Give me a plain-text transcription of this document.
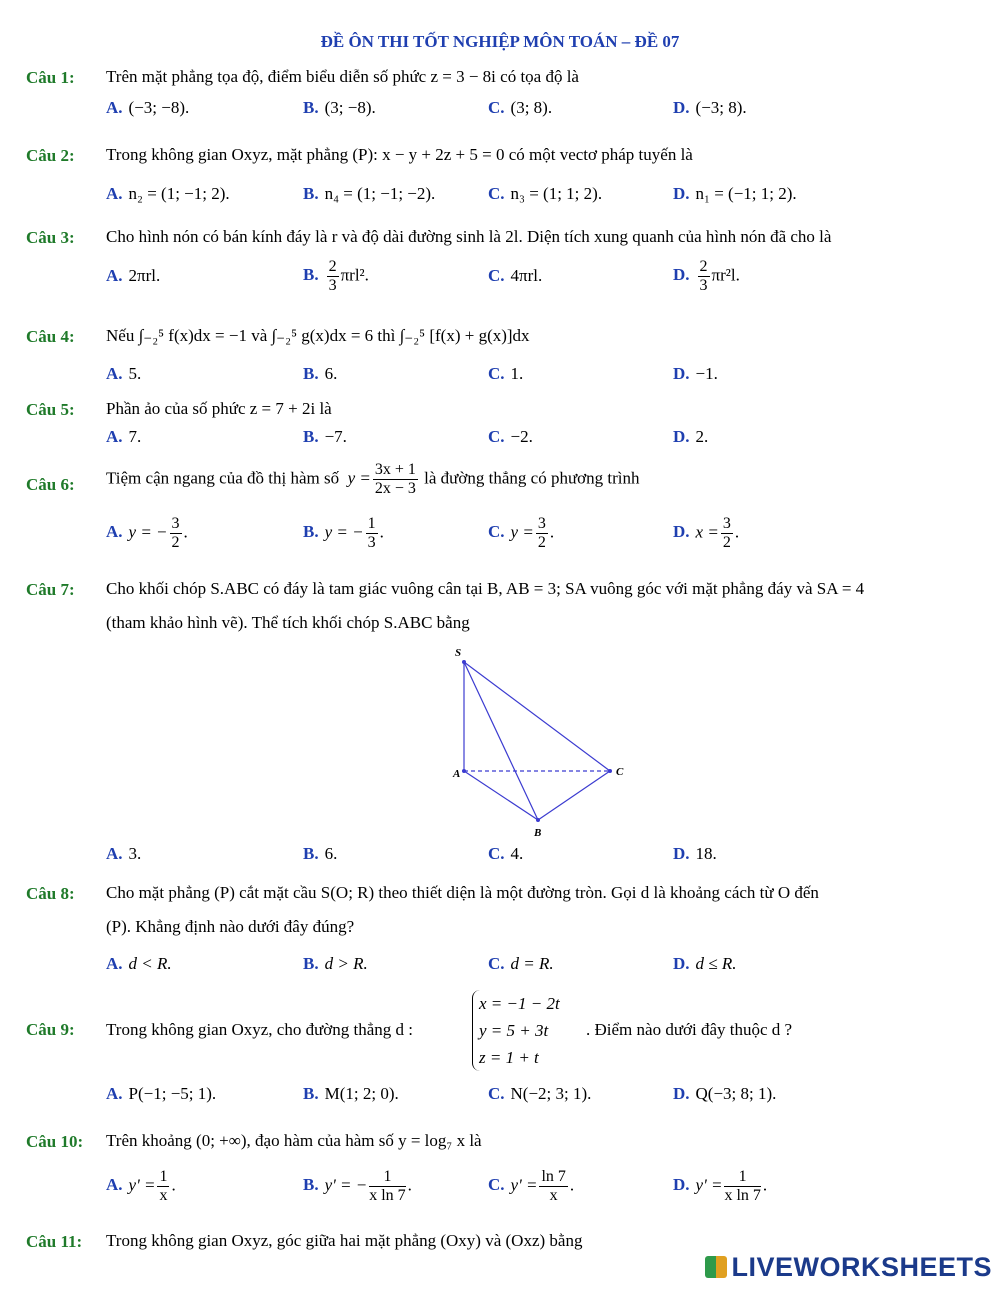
ĐỀ ÔN THI TỐT NGHIỆP MÔN TOÁN – ĐỀ 07
Câu 1: Trên mặt phẳng tọa độ, điểm biểu diễn số phức z = 3 − 8i có tọa độ là
A. (−3; −8).	B. (3; −8).	C. (3; 8).	D. (−3; 8).
Câu 2: Trong không gian Oxyz, mặt phẳng (P): x − y + 2z + 5 = 0 có một vectơ pháp tuyến là
A. n₂ = (1; −1; 2).	B. n₄ = (1; −1; −2).	C. n₃ = (1; 1; 2).	D. n₁ = (−1; 1; 2).
Câu 3: Cho hình nón có bán kính đáy là r và độ dài đường sinh là 2l. Diện tích xung quanh của hình nón đã cho là
A. 2πrl.	B. $\frac{2}{3} \pi rl^2$.	C. 4πrl.	D. $\frac{2}{3} \pi r^2l$.
Câu 4: Nếu ∫₋₂⁵ f(x)dx = −1 và ∫₋₂⁵ g(x)dx = 6 thì ∫₋₂⁵ [f(x) + g(x)]dx
A. 5.	B. 6.	C. 1.	D. −1.
Câu 5: Phần ảo của số phức z = 7 + 2i là
A. 7.	B. −7.	C. −2.	D. 2.
Câu 6: Tiệm cận ngang của đồ thị hàm số  $y = \frac{3x + 1}{2x - 3}$ là đường thẳng có phương trình
A. y = − $\frac{3}{2}$ .	B. y = − $\frac{1}{3}$ .	C. $y = \frac{3}{2}$ .	D. $x = \frac{3}{2}$ .
Câu 7: Cho khối chóp S.ABC có đáy là tam giác vuông cân tại B, AB = 3; SA vuông góc với mặt phẳng đáy và SA = 4
(tham khảo hình vẽ). Thể tích khối chóp S.ABC bằng
S
A	C
B
A. 3.	B. 6.	C. 4.	D. 18.
Câu 8: Cho mặt phẳng (P) cắt mặt cầu S(O; R) theo thiết diện là một đường tròn. Gọi d là khoảng cách từ O đến
(P). Khẳng định nào dưới đây đúng?
A. d < R.	B. d > R.	C. d = R.	D. d ≤ R.
Câu 9: Trong không gian Oxyz, cho đường thẳng d :
x = −1 − 2t
y = 5 + 3t
z = 1 + t
. Điểm nào dưới đây thuộc d ?
A. P(−1; −5; 1).	B. M(1; 2; 0).	C. N(−2; 3; 1).	D. Q(−3; 8; 1).
Câu 10: Trên khoảng (0; +∞), đạo hàm của hàm số y = log₇ x là
A. $y' = \frac{1}{x}$ .	B. y' = − $\frac{1}{\text{x ln 7}}$ .	C. $y' = \frac{\ln 7}{x}$ .	D. $y' = \frac{1}{\text{x ln 7}}$ .
Câu 11: Trong không gian Oxyz, góc giữa hai mặt phẳng (Oxy) và (Oxz) bằng
LIVEWORKSHEETS
